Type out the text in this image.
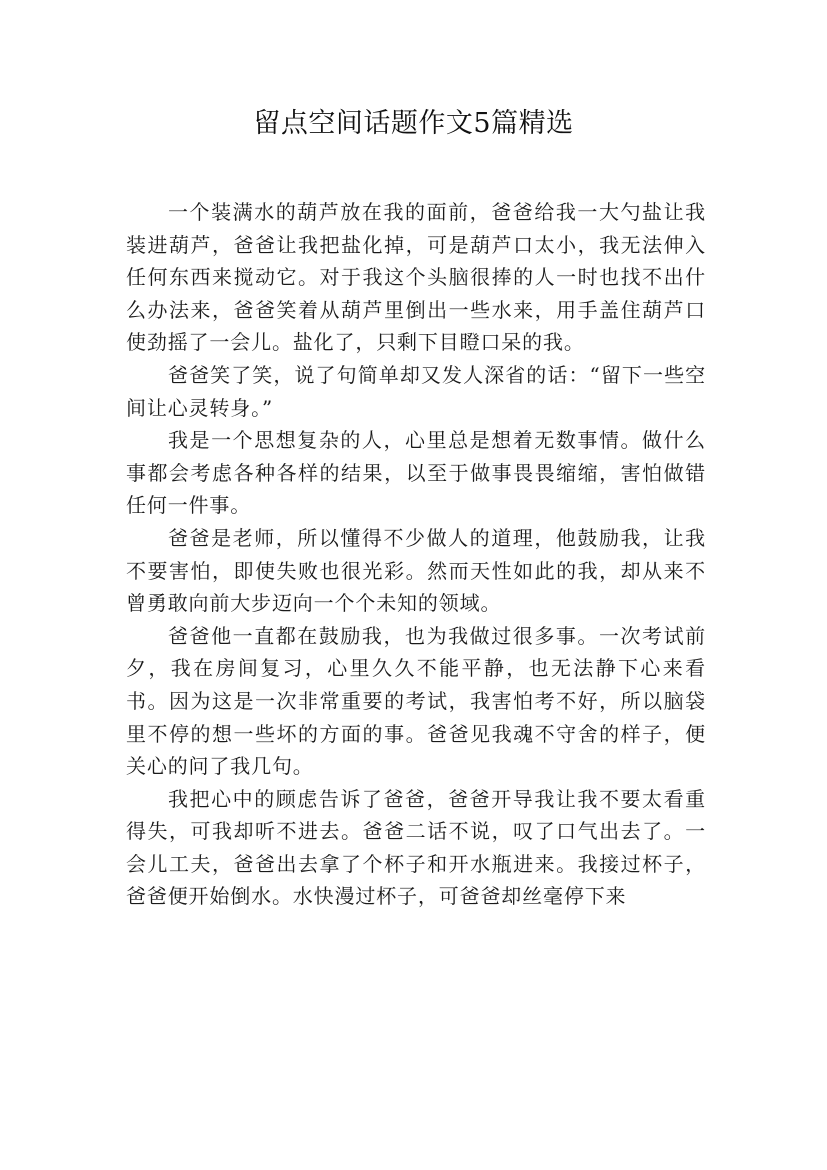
留点空间话题作文5篇精选

一个装满水的葫芦放在我的面前，爸爸给我一大勺盐让我装进葫芦，爸爸让我把盐化掉，可是葫芦口太小，我无法伸入任何东西来搅动它。对于我这个头脑很捧的人一时也找不出什么办法来，爸爸笑着从葫芦里倒出一些水来，用手盖住葫芦口使劲摇了一会儿。盐化了，只剩下目瞪口呆的我。

爸爸笑了笑，说了句简单却又发人深省的话：“留下一些空间让心灵转身。”

我是一个思想复杂的人，心里总是想着无数事情。做什么事都会考虑各种各样的结果，以至于做事畏畏缩缩，害怕做错任何一件事。

爸爸是老师，所以懂得不少做人的道理，他鼓励我，让我不要害怕，即使失败也很光彩。然而天性如此的我，却从来不曾勇敢向前大步迈向一个个未知的领域。

爸爸他一直都在鼓励我，也为我做过很多事。一次考试前夕，我在房间复习，心里久久不能平静，也无法静下心来看书。因为这是一次非常重要的考试，我害怕考不好，所以脑袋里不停的想一些坏的方面的事。爸爸见我魂不守舍的样子，便关心的问了我几句。

我把心中的顾虑告诉了爸爸，爸爸开导我让我不要太看重得失，可我却听不进去。爸爸二话不说，叹了口气出去了。一会儿工夫，爸爸出去拿了个杯子和开水瓶进来。我接过杯子，爸爸便开始倒水。水快漫过杯子，可爸爸却丝毫停下来
